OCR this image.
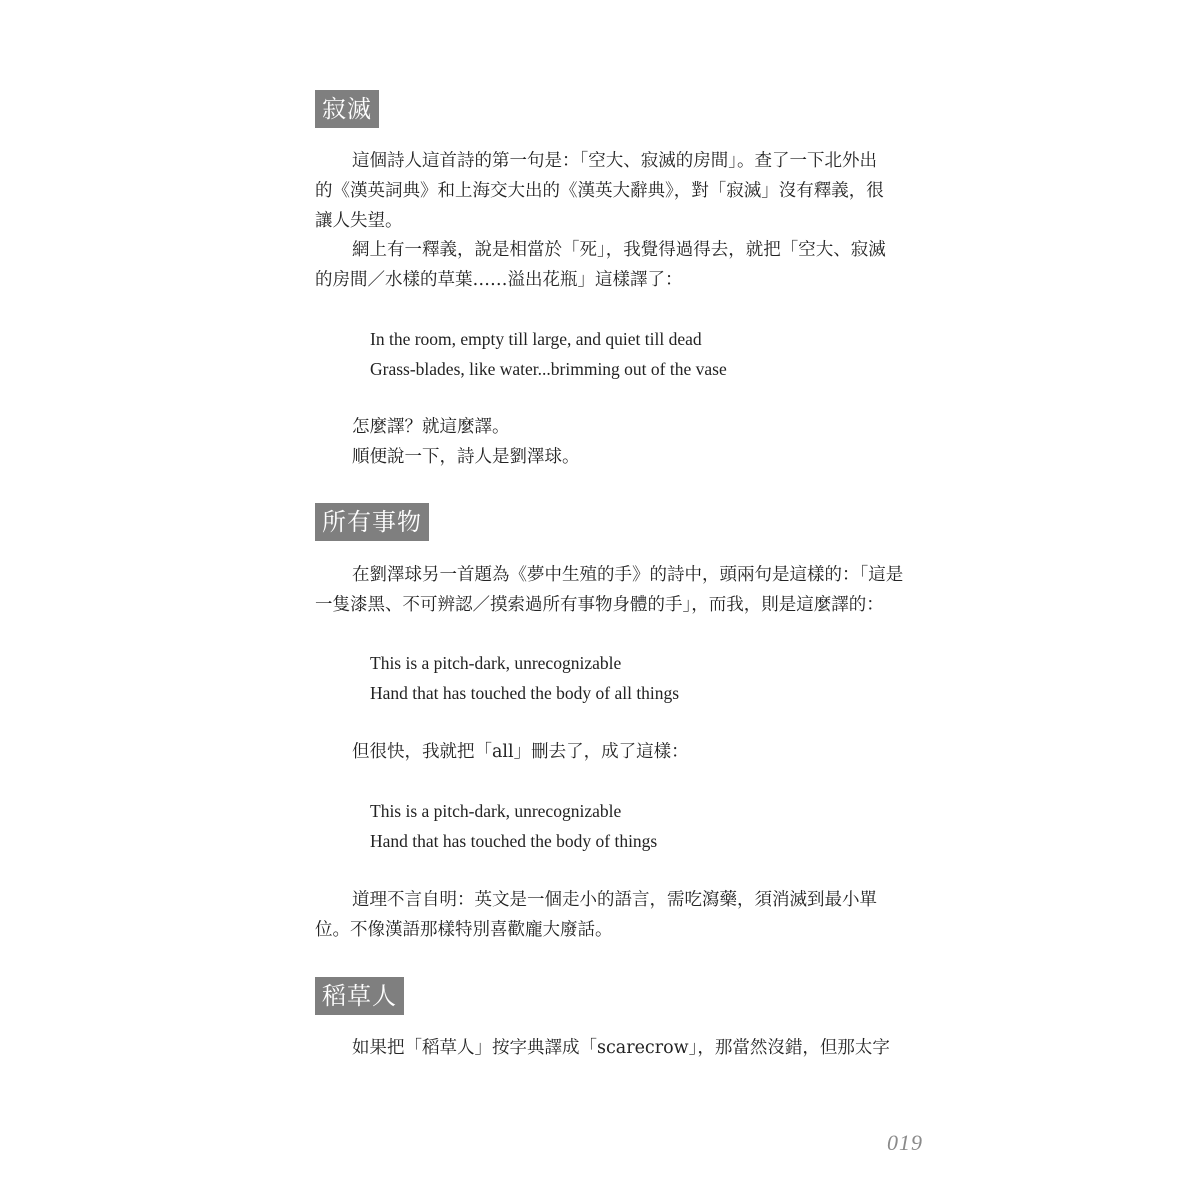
寂滅

這個詩人這首詩的第一句是：「空大、寂滅的房間」。查了一下北外出
的《漢英詞典》和上海交大出的《漢英大辭典》，對「寂滅」沒有釋義，很
讓人失望。

網上有一釋義，說是相當於「死」，我覺得過得去，就把「空大、寂滅
的房間／水樣的草葉……溢出花瓶」這樣譯了：

In the room, empty till large, and quiet till dead
Grass-blades, like water...brimming out of the vase

怎麼譯？就這麼譯。
順便說一下，詩人是劉澤球。

所有事物

在劉澤球另一首題為《夢中生殖的手》的詩中，頭兩句是這樣的：「這是
一隻漆黑、不可辨認／摸索過所有事物身體的手」，而我，則是這麼譯的：

This is a pitch-dark, unrecognizable
Hand that has touched the body of all things

但很快，我就把「all」刪去了，成了這樣：

This is a pitch-dark, unrecognizable
Hand that has touched the body of things

道理不言自明：英文是一個走小的語言，需吃瀉藥，須消滅到最小單
位。不像漢語那樣特別喜歡龐大廢話。

稻草人

如果把「稻草人」按字典譯成「scarecrow」，那當然沒錯，但那太字

019
